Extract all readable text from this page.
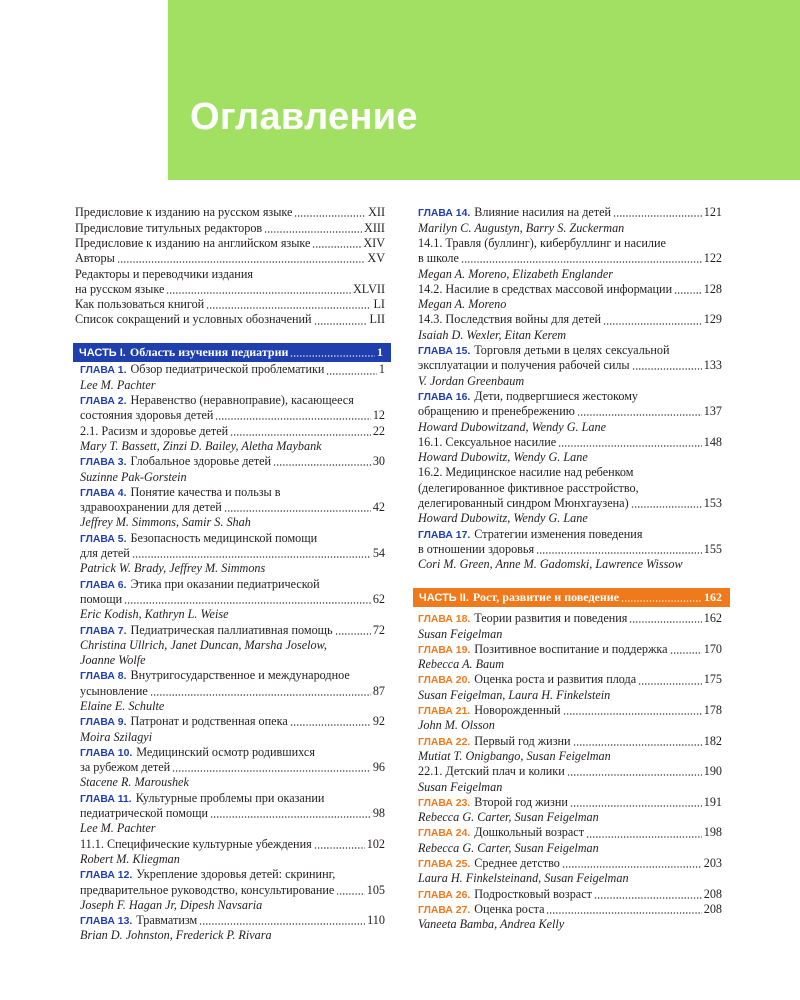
Оглавление
Предисловие к изданию на русском языке	XII
Предисловие титульных редакторов	XIII
Предисловие к изданию на английском языке	XIV
Авторы	XV
Редакторы и переводчики издания
на русском языке	XLVII
Как пользоваться книгой	LI
Список сокращений и условных обозначений	LII
ЧАСТЬ I. Область изучения педиатрии	1
ГЛАВА 1. Обзор педиатрической проблематики	1
Lee M. Pachter
ГЛАВА 2. Неравенство (неравноправие), касающееся
состояния здоровья детей	12
2.1. Расизм и здоровье детей	22
Mary T. Bassett, Zinzi D. Bailey, Aletha Maybank
ГЛАВА 3. Глобальное здоровье детей	30
Suzinne Pak-Gorstein
ГЛАВА 4. Понятие качества и пользы в
здравоохранении для детей	42
Jeffrey M. Simmons, Samir S. Shah
ГЛАВА 5. Безопасность медицинской помощи
для детей	54
Patrick W. Brady, Jeffrey M. Simmons
ГЛАВА 6. Этика при оказании педиатрической
помощи	62
Eric Kodish, Kathryn L. Weise
ГЛАВА 7. Педиатрическая паллиативная помощь	72
Christina Ullrich, Janet Duncan, Marsha Joselow,
Joanne Wolfe
ГЛАВА 8. Внутригосударственное и международное
усыновление	87
Elaine E. Schulte
ГЛАВА 9. Патронат и родственная опека	92
Moira Szilagyi
ГЛАВА 10. Медицинский осмотр родившихся
за рубежом детей	96
Stacene R. Maroushek
ГЛАВА 11. Культурные проблемы при оказании
педиатрической помощи	98
Lee M. Pachter
11.1. Специфические культурные убеждения	102
Robert M. Kliegman
ГЛАВА 12. Укрепление здоровья детей: скрининг,
предварительное руководство, консультирование	105
Joseph F. Hagan Jr, Dipesh Navsaria
ГЛАВА 13. Травматизм	110
Brian D. Johnston, Frederick P. Rivara
ГЛАВА 14. Влияние насилия на детей	121
Marilyn C. Augustyn, Barry S. Zuckerman
14.1. Травля (буллинг), кибербуллинг и насилие
в школе	122
Megan A. Moreno, Elizabeth Englander
14.2. Насилие в средствах массовой информации	128
Megan A. Moreno
14.3. Последствия войны для детей	129
Isaiah D. Wexler, Eitan Kerem
ГЛАВА 15. Торговля детьми в целях сексуальной
эксплуатации и получения рабочей силы	133
V. Jordan Greenbaum
ГЛАВА 16. Дети, подвергшиеся жестокому
обращению и пренебрежению	137
Howard Dubowitzand, Wendy G. Lane
16.1. Сексуальное насилие	148
Howard Dubowitz, Wendy G. Lane
16.2. Медицинское насилие над ребенком
(делегированное фиктивное расстройство,
делегированный синдром Мюнхгаузена)	153
Howard Dubowitz, Wendy G. Lane
ГЛАВА 17. Стратегии изменения поведения
в отношении здоровья	155
Cori M. Green, Anne M. Gadomski, Lawrence Wissow
ЧАСТЬ II. Рост, развитие и поведение	162
ГЛАВА 18. Теории развития и поведения	162
Susan Feigelman
ГЛАВА 19. Позитивное воспитание и поддержка	170
Rebecca A. Baum
ГЛАВА 20. Оценка роста и развития плода	175
Susan Feigelman, Laura H. Finkelstein
ГЛАВА 21. Новорожденный	178
John M. Olsson
ГЛАВА 22. Первый год жизни	182
Mutiat T. Onigbango, Susan Feigelman
22.1. Детский плач и колики	190
Susan Feigelman
ГЛАВА 23. Второй год жизни	191
Rebecca G. Carter, Susan Feigelman
ГЛАВА 24. Дошкольный возраст	198
Rebecca G. Carter, Susan Feigelman
ГЛАВА 25. Среднее детство	203
Laura H. Finkelsteinand, Susan Feigelman
ГЛАВА 26. Подростковый возраст	208
ГЛАВА 27. Оценка роста	208
Vaneeta Bamba, Andrea Kelly
